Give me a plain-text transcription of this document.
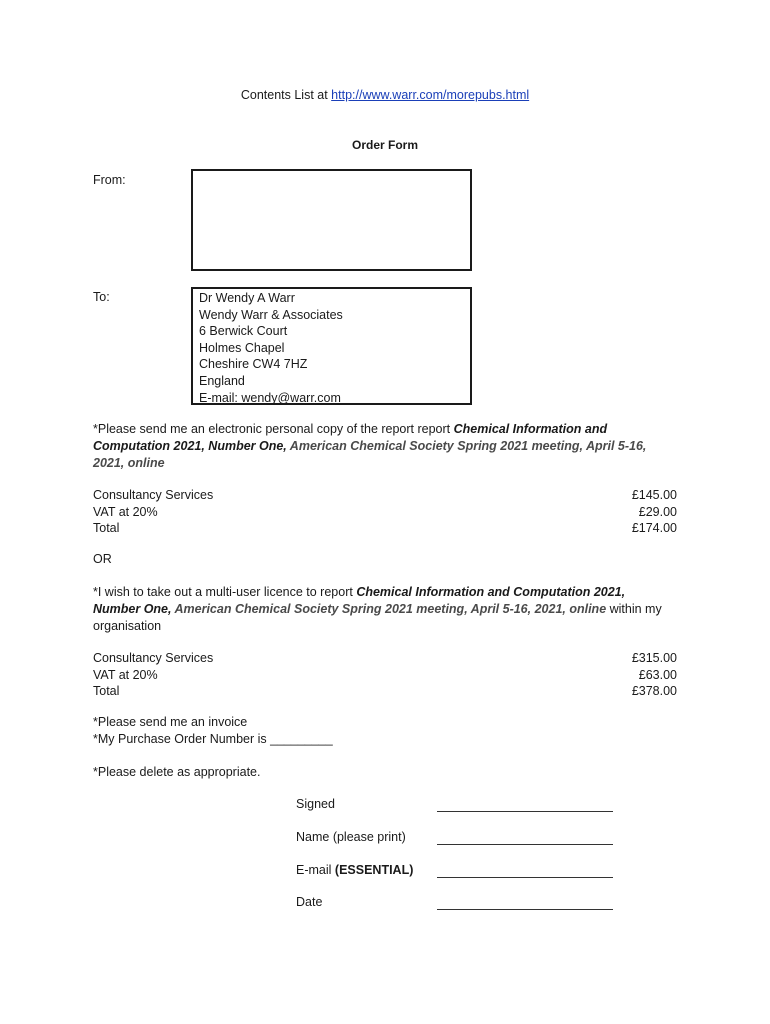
Contents List at http://www.warr.com/morepubs.html
Order Form
From:
To:	Dr Wendy A Warr
Wendy Warr & Associates
6 Berwick Court
Holmes Chapel
Cheshire CW4 7HZ
England
E-mail: wendy@warr.com
*Please send me an electronic personal copy of the report report Chemical Information and Computation 2021, Number One, American Chemical Society Spring 2021 meeting, April 5-16, 2021, online
Consultancy Services	£145.00
VAT at 20%	£29.00
Total	£174.00
OR
*I wish to take out a multi-user licence to report Chemical Information and Computation 2021, Number One, American Chemical Society Spring 2021 meeting, April 5-16, 2021, online within my organisation
Consultancy Services	£315.00
VAT at 20%	£63.00
Total	£378.00
*Please send me an invoice
*My Purchase Order Number is _________
*Please delete as appropriate.
Signed
Name (please print)
E-mail (ESSENTIAL)
Date
